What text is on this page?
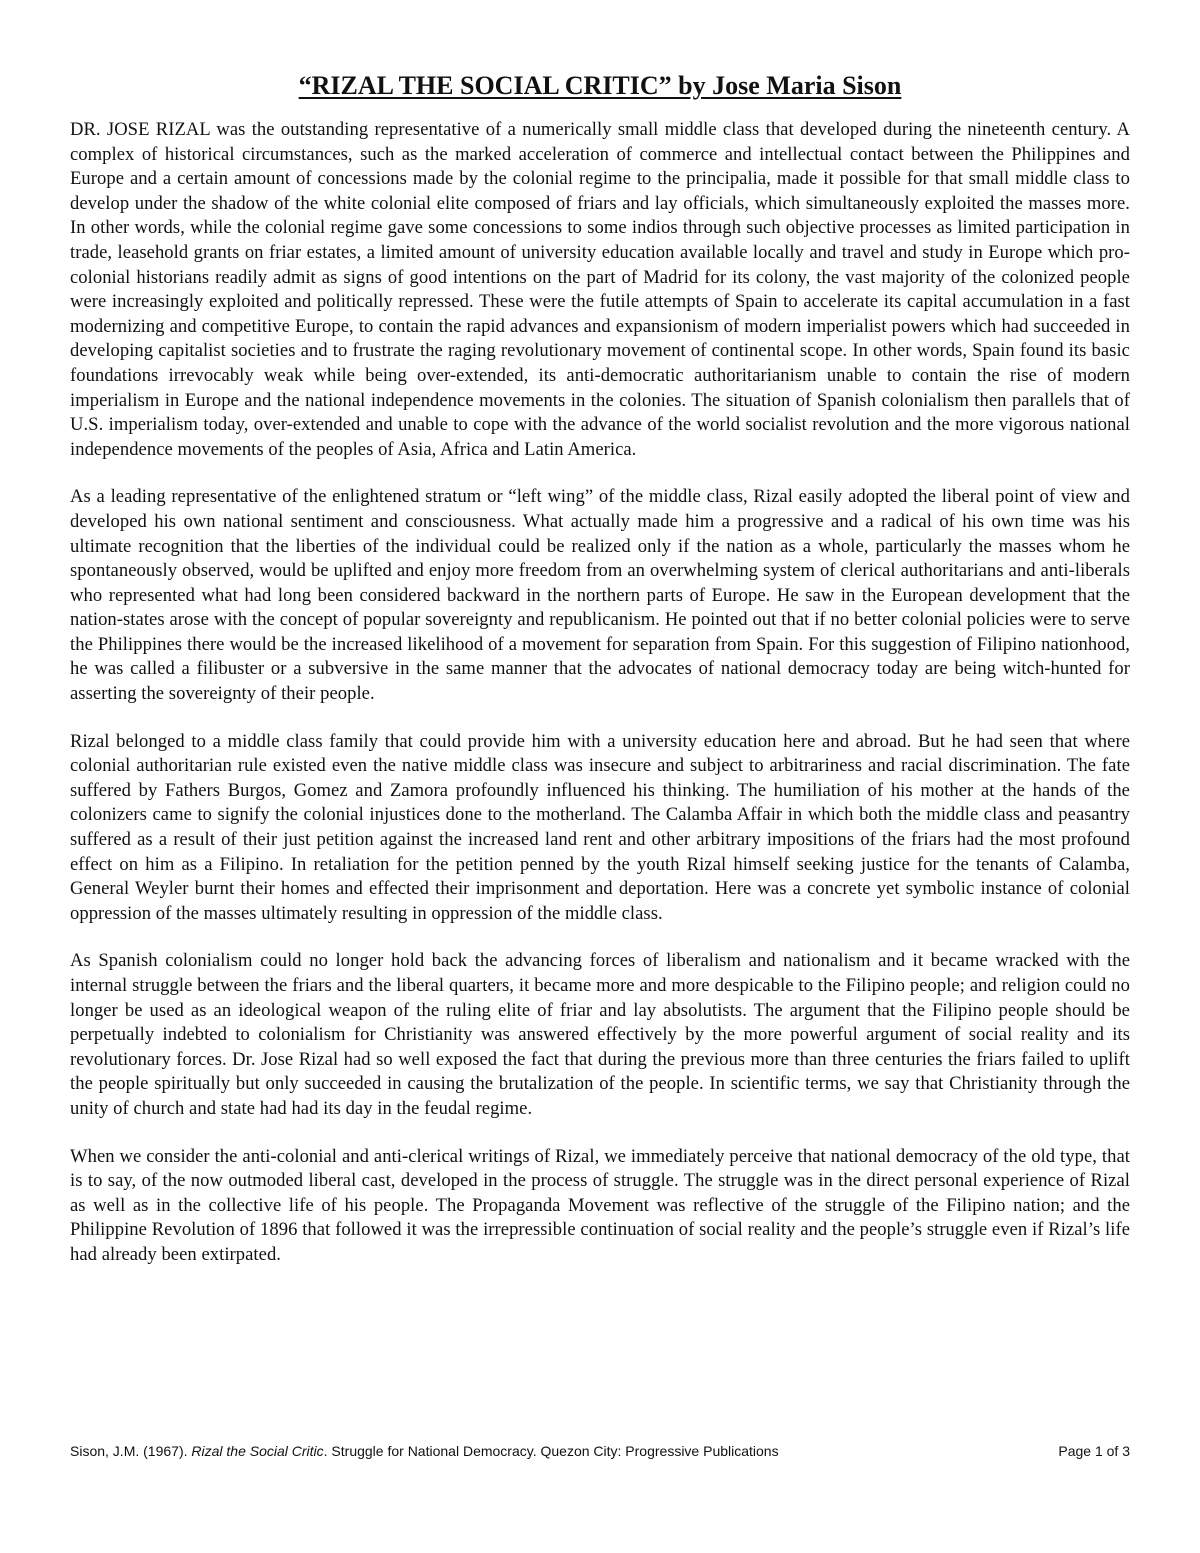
“RIZAL THE SOCIAL CRITIC” by Jose Maria Sison

DR. JOSE RIZAL was the outstanding representative of a numerically small middle class that developed during the nineteenth century. A complex of historical circumstances, such as the marked acceleration of commerce and intellectual contact between the Philippines and Europe and a certain amount of concessions made by the colonial regime to the principalia, made it possible for that small middle class to develop under the shadow of the white colonial elite composed of friars and lay officials, which simultaneously exploited the masses more. In other words, while the colonial regime gave some concessions to some indios through such objective processes as limited participation in trade, leasehold grants on friar estates, a limited amount of university education available locally and travel and study in Europe which pro-colonial historians readily admit as signs of good intentions on the part of Madrid for its colony, the vast majority of the colonized people were increasingly exploited and politically repressed. These were the futile attempts of Spain to accelerate its capital accumulation in a fast modernizing and competitive Europe, to contain the rapid advances and expansionism of modern imperialist powers which had succeeded in developing capitalist societies and to frustrate the raging revolutionary movement of continental scope. In other words, Spain found its basic foundations irrevocably weak while being over-extended, its anti-democratic authoritarianism unable to contain the rise of modern imperialism in Europe and the national independence movements in the colonies. The situation of Spanish colonialism then parallels that of U.S. imperialism today, over-extended and unable to cope with the advance of the world socialist revolution and the more vigorous national independence movements of the peoples of Asia, Africa and Latin America.

As a leading representative of the enlightened stratum or “left wing” of the middle class, Rizal easily adopted the liberal point of view and developed his own national sentiment and consciousness. What actually made him a progressive and a radical of his own time was his ultimate recognition that the liberties of the individual could be realized only if the nation as a whole, particularly the masses whom he spontaneously observed, would be uplifted and enjoy more freedom from an overwhelming system of clerical authoritarians and anti-liberals who represented what had long been considered backward in the northern parts of Europe. He saw in the European development that the nation-states arose with the concept of popular sovereignty and republicanism. He pointed out that if no better colonial policies were to serve the Philippines there would be the increased likelihood of a movement for separation from Spain. For this suggestion of Filipino nationhood, he was called a filibuster or a subversive in the same manner that the advocates of national democracy today are being witch-hunted for asserting the sovereignty of their people.

Rizal belonged to a middle class family that could provide him with a university education here and abroad. But he had seen that where colonial authoritarian rule existed even the native middle class was insecure and subject to arbitrariness and racial discrimination. The fate suffered by Fathers Burgos, Gomez and Zamora profoundly influenced his thinking. The humiliation of his mother at the hands of the colonizers came to signify the colonial injustices done to the motherland. The Calamba Affair in which both the middle class and peasantry suffered as a result of their just petition against the increased land rent and other arbitrary impositions of the friars had the most profound effect on him as a Filipino. In retaliation for the petition penned by the youth Rizal himself seeking justice for the tenants of Calamba, General Weyler burnt their homes and effected their imprisonment and deportation. Here was a concrete yet symbolic instance of colonial oppression of the masses ultimately resulting in oppression of the middle class.

As Spanish colonialism could no longer hold back the advancing forces of liberalism and nationalism and it became wracked with the internal struggle between the friars and the liberal quarters, it became more and more despicable to the Filipino people; and religion could no longer be used as an ideological weapon of the ruling elite of friar and lay absolutists. The argument that the Filipino people should be perpetually indebted to colonialism for Christianity was answered effectively by the more powerful argument of social reality and its revolutionary forces. Dr. Jose Rizal had so well exposed the fact that during the previous more than three centuries the friars failed to uplift the people spiritually but only succeeded in causing the brutalization of the people. In scientific terms, we say that Christianity through the unity of church and state had had its day in the feudal regime.

When we consider the anti-colonial and anti-clerical writings of Rizal, we immediately perceive that national democracy of the old type, that is to say, of the now outmoded liberal cast, developed in the process of struggle. The struggle was in the direct personal experience of Rizal as well as in the collective life of his people. The Propaganda Movement was reflective of the struggle of the Filipino nation; and the Philippine Revolution of 1896 that followed it was the irrepressible continuation of social reality and the people’s struggle even if Rizal’s life had already been extirpated.

Sison, J.M. (1967). Rizal the Social Critic. Struggle for National Democracy. Quezon City: Progressive Publications	Page 1 of 3
